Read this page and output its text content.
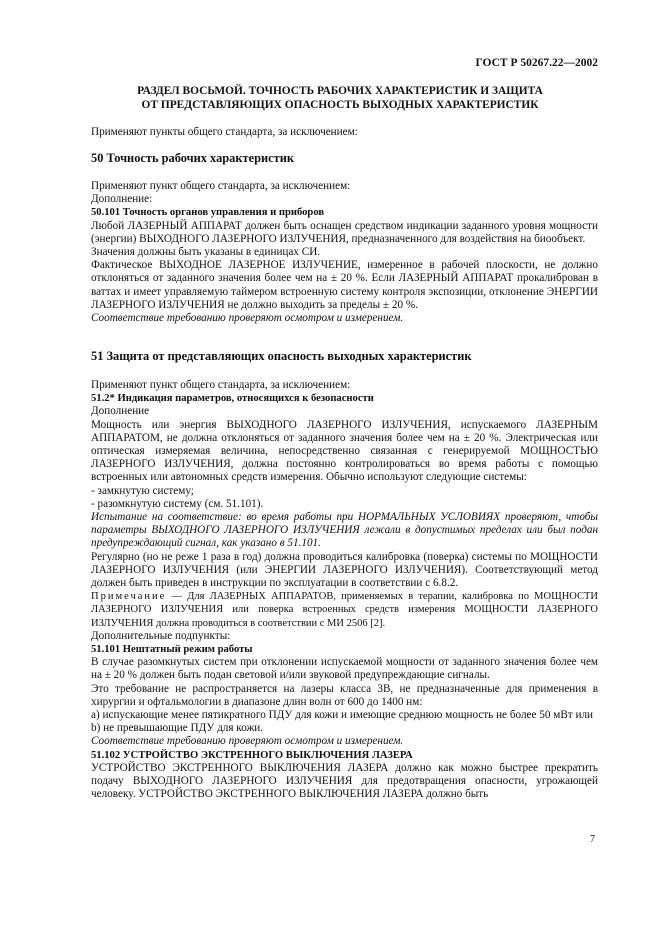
ГОСТ Р 50267.22—2002
РАЗДЕЛ ВОСЬМОЙ. ТОЧНОСТЬ РАБОЧИХ ХАРАКТЕРИСТИК И ЗАЩИТА
ОТ ПРЕДСТАВЛЯЮЩИХ ОПАСНОСТЬ ВЫХОДНЫХ ХАРАКТЕРИСТИК

Применяют пункты общего стандарта, за исключением:

50 Точность рабочих характеристик

Применяют пункт общего стандарта, за исключением:

Дополнение:

50.101 Точность органов управления и приборов

Любой ЛАЗЕРНЫЙ АППАРАТ должен быть оснащен средством индикации заданного уровня мощности (энергии) ВЫХОДНОГО ЛАЗЕРНОГО ИЗЛУЧЕНИЯ, предназначенного для воздействия на биообъект.

Значения должны быть указаны в единицах СИ.

Фактическое ВЫХОДНОЕ ЛАЗЕРНОЕ ИЗЛУЧЕНИЕ, измеренное в рабочей плоскости, не должно отклоняться от заданного значения более чем на ± 20 %. Если ЛАЗЕРНЫЙ АППАРАТ прокалиброван в ваттах и имеет управляемую таймером встроенную систему контроля экспозиции, отклонение ЭНЕРГИИ ЛАЗЕРНОГО ИЗЛУЧЕНИЯ не должно выходить за пределы ± 20 %.

Соответствие требованию проверяют осмотром и измерением.

51 Защита от представляющих опасность выходных характеристик

Применяют пункт общего стандарта, за исключением:

51.2* Индикация параметров, относящихся к безопасности

Дополнение

Мощность или энергия ВЫХОДНОГО ЛАЗЕРНОГО ИЗЛУЧЕНИЯ, испускаемого ЛАЗЕРНЫМ АППАРАТОМ, не должна отклоняться от заданного значения более чем на ± 20 %. Электрическая или оптическая измеряемая величина, непосредственно связанная с генерируемой МОЩНОСТЬЮ ЛАЗЕРНОГО ИЗЛУЧЕНИЯ, должна постоянно контролироваться во время работы с помощью встроенных или автономных средств измерения. Обычно используют следующие системы:

- замкнутую систему;

- разомкнутую систему (см. 51.101).

Испытание на соответствие: во время работы при НОРМАЛЬНЫХ УСЛОВИЯХ проверяют, чтобы параметры ВЫХОДНОГО ЛАЗЕРНОГО ИЗЛУЧЕНИЯ лежали в допустимых пределах или был подан предупреждающий сигнал, как указано в 51.101.

Регулярно (но не реже 1 раза в год) должна проводиться калибровка (поверка) системы по МОЩНОСТИ ЛАЗЕРНОГО ИЗЛУЧЕНИЯ (или ЭНЕРГИИ ЛАЗЕРНОГО ИЗЛУЧЕНИЯ). Соответствующий метод должен быть приведен в инструкции по эксплуатации в соответствии с 6.8.2.

Примечание — Для ЛАЗЕРНЫХ АППАРАТОВ, применяемых в терапии, калибровка по МОЩНОСТИ ЛАЗЕРНОГО ИЗЛУЧЕНИЯ или поверка встроенных средств измерения МОЩНОСТИ ЛАЗЕРНОГО ИЗЛУЧЕНИЯ должна проводиться в соответствии с МИ 2506 [2].

Дополнительные подпункты:

51.101 Нештатный режим работы

В случае разомкнутых систем при отклонении испускаемой мощности от заданного значения более чем на ± 20 % должен быть подан световой и/или звуковой предупреждающие сигналы.

Это требование не распространяется на лазеры класса 3В, не предназначенные для применения в хирургии и офтальмологии в диапазоне длин волн от 600 до 1400 нм:

a) испускающие менее пятикратного ПДУ для кожи и имеющие среднюю мощность не более 50 мВт или

b) не превышающие ПДУ для кожи.

Соответствие требованию проверяют осмотром и измерением.

51.102 УСТРОЙСТВО ЭКСТРЕННОГО ВЫКЛЮЧЕНИЯ ЛАЗЕРА

УСТРОЙСТВО ЭКСТРЕННОГО ВЫКЛЮЧЕНИЯ ЛАЗЕРА должно как можно быстрее прекратить подачу ВЫХОДНОГО ЛАЗЕРНОГО ИЗЛУЧЕНИЯ для предотвращения опасности, угрожающей человеку. УСТРОЙСТВО ЭКСТРЕННОГО ВЫКЛЮЧЕНИЯ ЛАЗЕРА должно быть

7
